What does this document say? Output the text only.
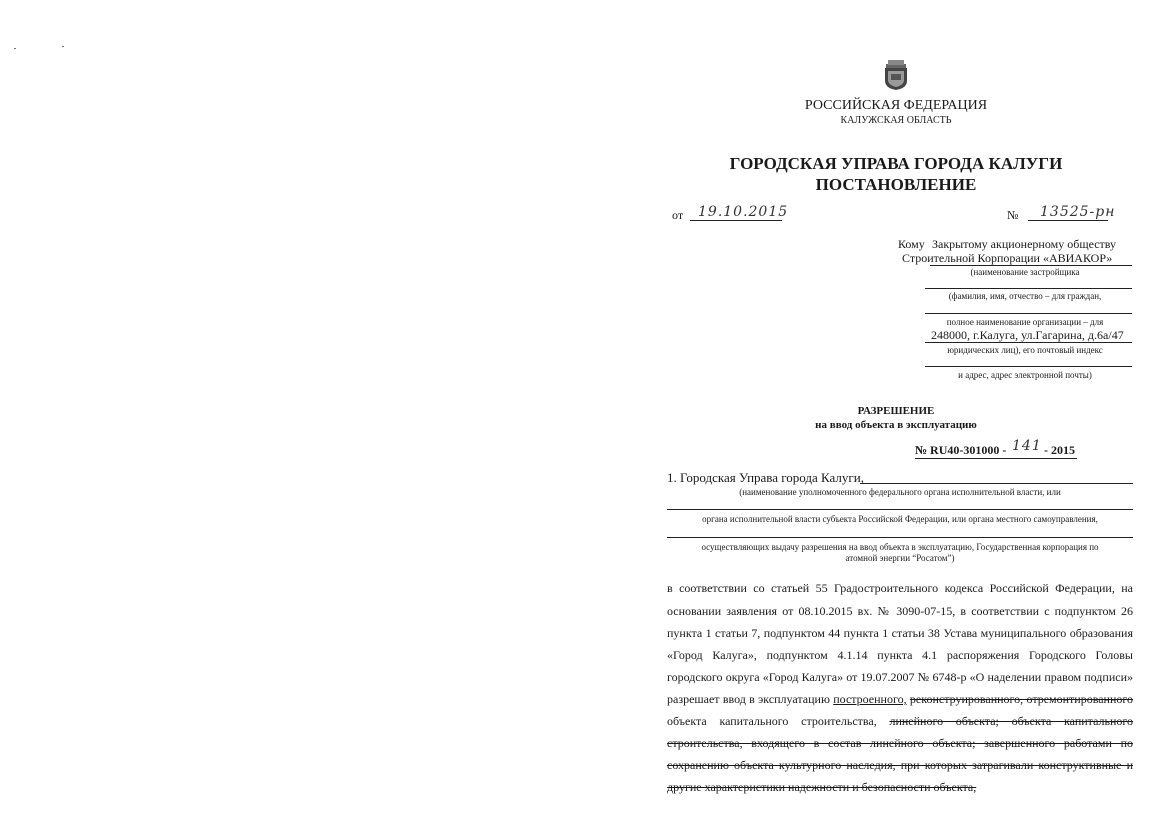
РОССИЙСКАЯ ФЕДЕРАЦИЯ
КАЛУЖСКАЯ ОБЛАСТЬ
ГОРОДСКАЯ УПРАВА ГОРОДА КАЛУГИ
ПОСТАНОВЛЕНИЕ
от 19.10.2015	№ 13525-рн
Кому Закрытому акционерному обществу
Строительной Корпорации «АВИАКОР»
(наименование застройщика
(фамилия, имя, отчество – для граждан,
полное наименование организации – для
248000, г.Калуга, ул.Гагарина, д.6а/47
юридических лиц), его почтовый индекс
и адрес, адрес электронной почты)
РАЗРЕШЕНИЕ
на ввод объекта в эксплуатацию
№ RU40-301000 - 141 - 2015
1. Городская Управа города Калуги,
(наименование уполномоченного федерального органа исполнительной власти, или
органа исполнительной власти субъекта Российской Федерации, или органа местного самоуправления,
осуществляющих выдачу разрешения на ввод объекта в эксплуатацию, Государственная корпорация по
атомной энергии “Росатом”)
в соответствии со статьей 55 Градостроительного кодекса Российской Федерации, на
основании заявления от 08.10.2015 вх. № 3090-07-15, в соответствии с подпунктом 26
пункта 1 статьи 7, подпунктом 44 пункта 1 статьи 38 Устава муниципального образования
«Город Калуга», подпунктом 4.1.14 пункта 4.1 распоряжения Городского Головы
городского округа «Город Калуга» от 19.07.2007 № 6748-р «О наделении правом подписи»
разрешает ввод в эксплуатацию построенного, реконструированного, отремонтированного
объекта капитального строительства, линейного объекта; объекта капитального
строительства, входящего в состав линейного объекта; завершенного работами по
сохранению объекта культурного наследия, при которых затрагивали конструктивные и
другие характеристики надежности и безопасности объекта,
